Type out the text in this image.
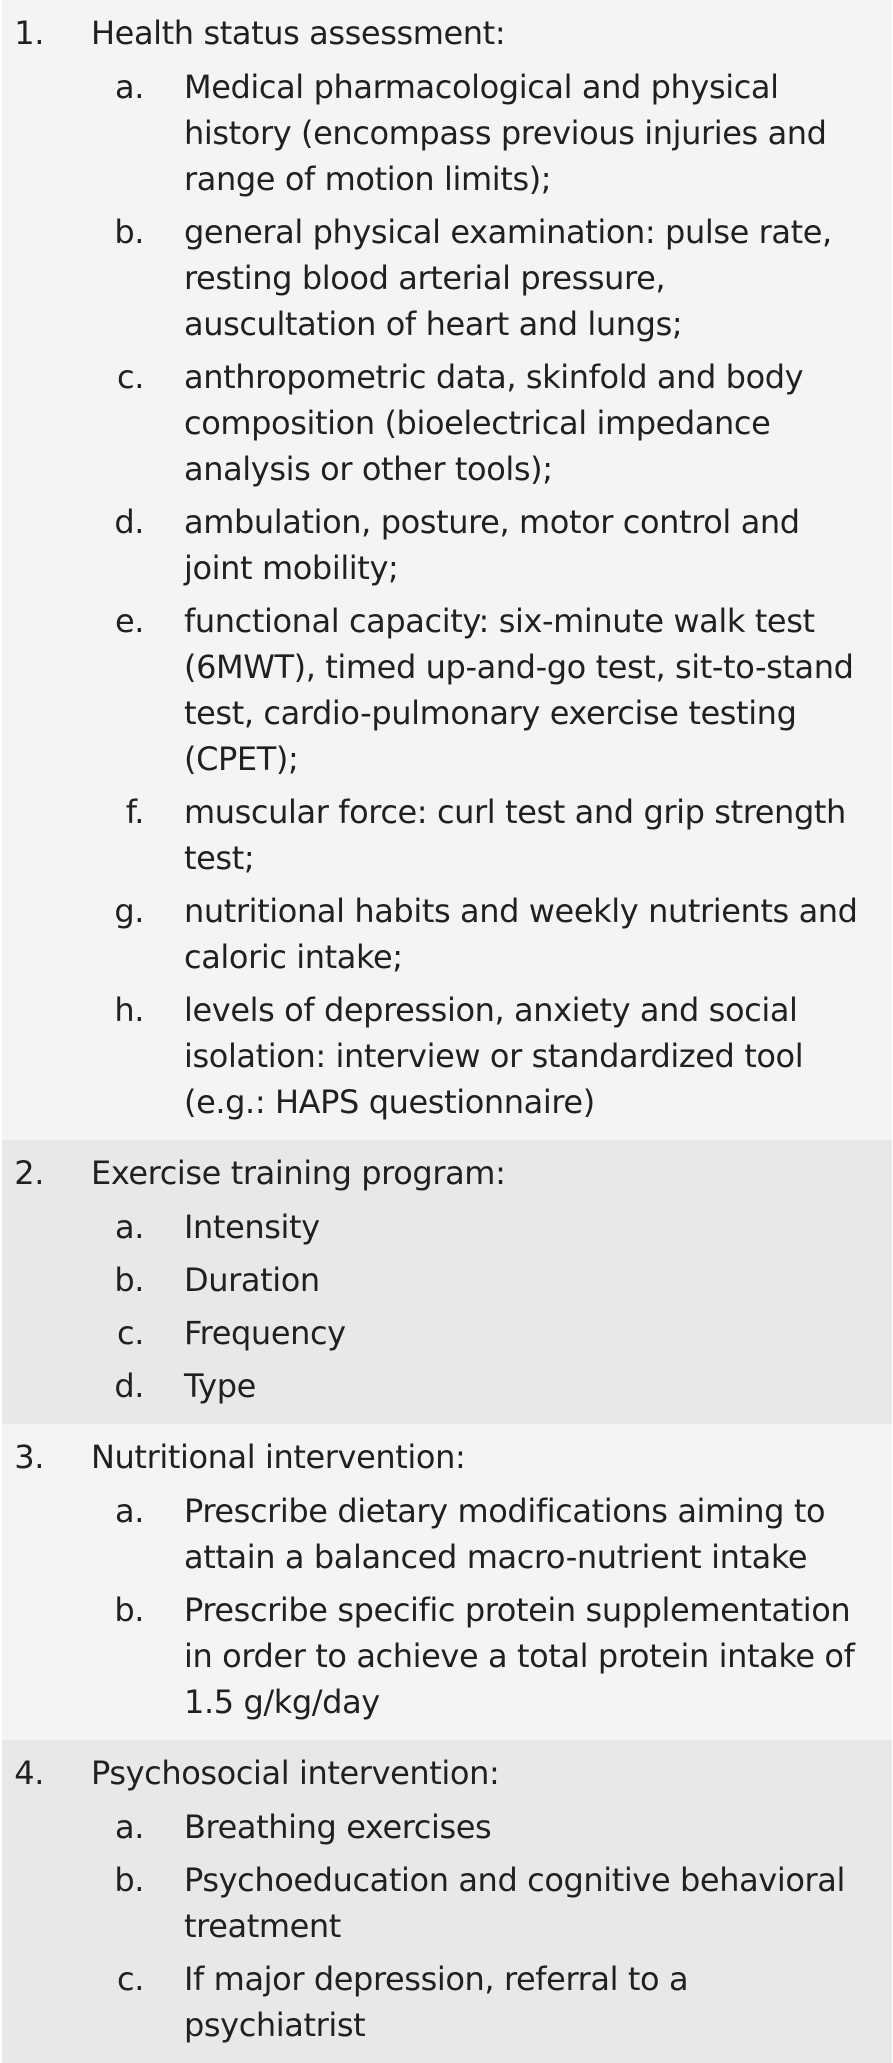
1. Health status assessment:
a. Medical pharmacological and physical history (encompass previous injuries and range of motion limits);
b. general physical examination: pulse rate, resting blood arterial pressure, auscultation of heart and lungs;
c. anthropometric data, skinfold and body composition (bioelectrical impedance analysis or other tools);
d. ambulation, posture, motor control and joint mobility;
e. functional capacity: six-minute walk test (6MWT), timed up-and-go test, sit-to-stand test, cardio-pulmonary exercise testing (CPET);
f. muscular force: curl test and grip strength test;
g. nutritional habits and weekly nutrients and caloric intake;
h. levels of depression, anxiety and social isolation: interview or standardized tool (e.g.: HAPS questionnaire)
2. Exercise training program:
a. Intensity
b. Duration
c. Frequency
d. Type
3. Nutritional intervention:
a. Prescribe dietary modifications aiming to attain a balanced macro-nutrient intake
b. Prescribe specific protein supplementation in order to achieve a total protein intake of 1.5 g/kg/day
4. Psychosocial intervention:
a. Breathing exercises
b. Psychoeducation and cognitive behavioral treatment
c. If major depression, referral to a psychiatrist
